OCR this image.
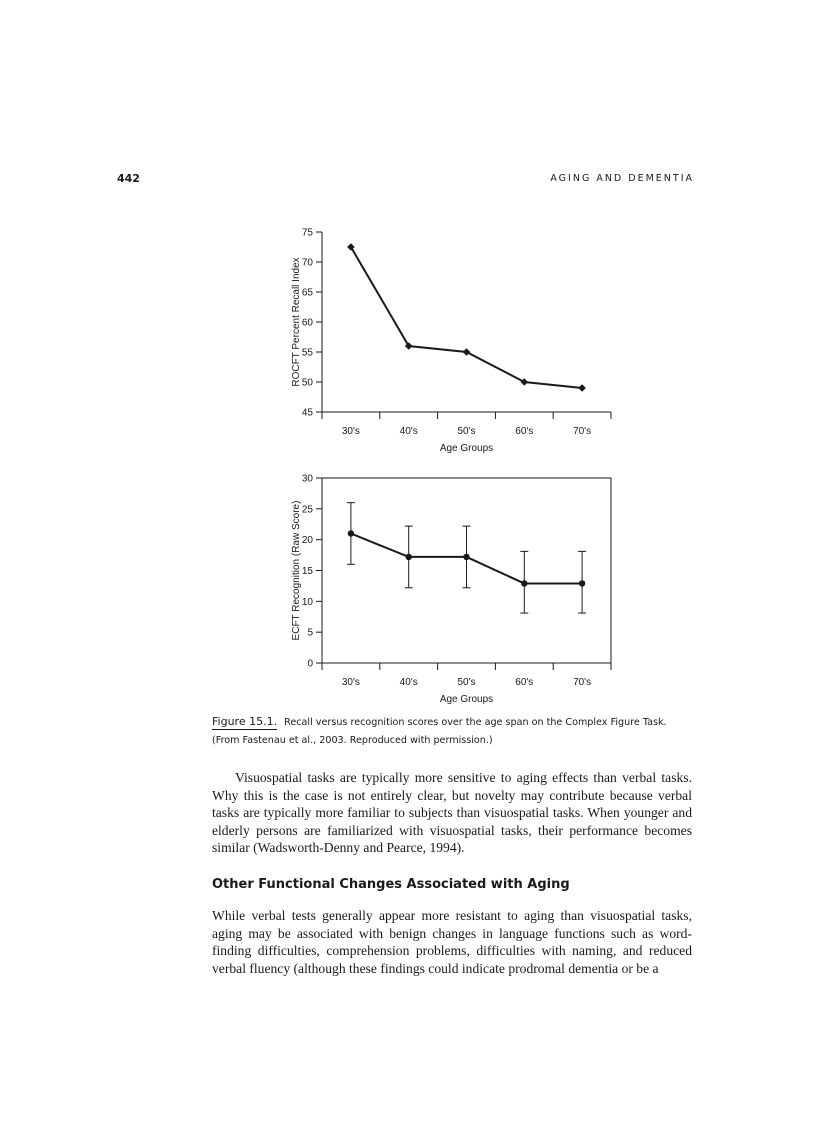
442	AGING AND DEMENTIA
45
50
55
60
65
70
75
30's	40's	50's	60's	70's
Age Groups
ROCFT Percent Recall Index
0
5
10
15
20
25
30
30's	40's	50's	60's	70's
Age Groups
ECFT Recognition (Raw Score)
Figure 15.1. Recall versus recognition scores over the age span on the Complex Figure Task. (From Fastenau et al., 2003. Reproduced with permission.)

Visuospatial tasks are typically more sensitive to aging effects than verbal tasks. Why this is the case is not entirely clear, but novelty may contribute because verbal tasks are typically more familiar to subjects than visuospatial tasks. When younger and elderly persons are familiarized with visuospatial tasks, their performance becomes similar (Wadsworth-Denny and Pearce, 1994).

Other Functional Changes Associated with Aging

While verbal tests generally appear more resistant to aging than visuospatial tasks, aging may be associated with benign changes in language functions such as word-finding difficulties, comprehension problems, difficulties with naming, and reduced verbal fluency (although these findings could indicate prodromal dementia or be a
